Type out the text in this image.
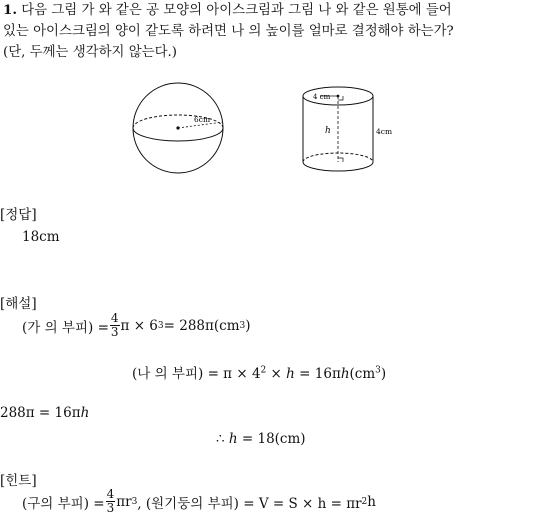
1. 다음 그림 가 와 같은 공 모양의 아이스크림과 그림 나 와 같은 원통에 들어
있는 아이스크림의 양이 같도록 하려면 나 의 높이를 얼마로 결정해야 하는가?
(단, 두께는 생각하지 않는다.)
6cm
4 cm
h	4cm
[정답]
18cm
[해설]
(가 의 부피) = $\frac{4}{3}$ π × 6 3 = 288π(cm 3 )
(나 의 부피) = $\pi \times 4^2 \times h = 16\pi h(cm^3)$
288π = 16πh
∴ h = 18(cm)
[힌트]
(구의 부피) = $\frac{4}{3}$ πr 3 , (원기둥의 부피) = V = S × h = πr 2 h
